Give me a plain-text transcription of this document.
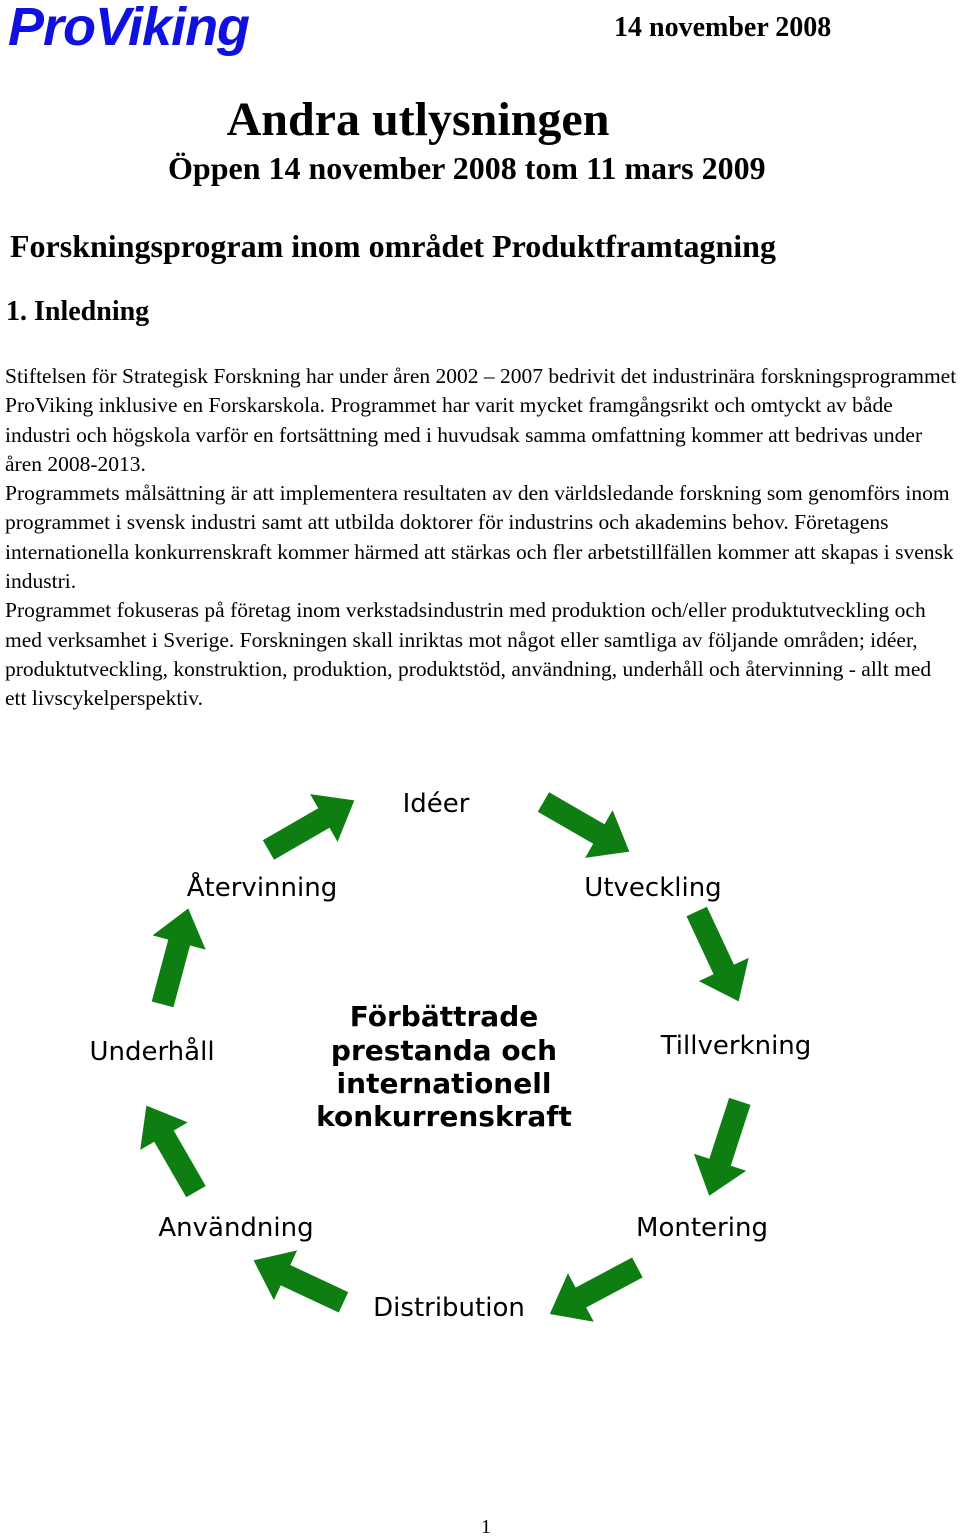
ProViking	14 november 2008
Andra utlysningen
Öppen 14 november 2008 tom 11 mars 2009
Forskningsprogram inom området Produktframtagning
1. Inledning

Stiftelsen för Strategisk Forskning har under åren 2002 – 2007 bedrivit det industrinära forskningsprogrammet ProViking inklusive en Forskarskola. Programmet har varit mycket framgångsrikt och omtyckt av både industri och högskola varför en fortsättning med i huvudsak samma omfattning kommer att bedrivas under åren 2008-2013.

Programmets målsättning är att implementera resultaten av den världsledande forskning som genomförs inom programmet i svensk industri samt att utbilda doktorer för industrins och akademins behov. Företagens internationella konkurrenskraft kommer härmed att stärkas och fler arbetstillfällen kommer att skapas i svensk industri.

Programmet fokuseras på företag inom verkstadsindustrin med produktion och/eller produktutveckling och med verksamhet i Sverige. Forskningen skall inriktas mot något eller samtliga av följande områden; idéer, produktutveckling, konstruktion, produktion, produktstöd, användning, underhåll och återvinning - allt med ett livscykelperspektiv.

Idéer
Utveckling
Tillverkning
Montering
Distribution
Användning
Underhåll
Återvinning
Förbättrade
prestanda och
internationell
konkurrenskraft
1
